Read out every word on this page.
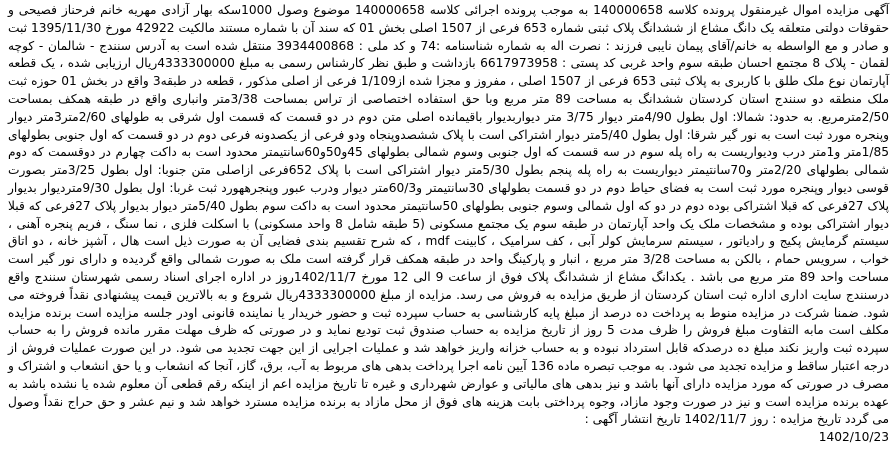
آگهی مزایده اموال غیرمنقول پرونده کلاسه 140000658 به موجب پرونده اجرائی کلاسه 140000658 موضوع وصول 1000سکه بهار آزادی مهریه خانم فرحناز فصیحی و حقوقات دولتی متعلقه یک دانگ مشاع از ششدانگ پلاک ثبتی شماره 653 فرعی از 1507 اصلی بخش 01 که سند آن با شماره مستند مالکیت 42922 مورخ 1395/11/30 ثبت و صادر و مع الواسطه به خانم/آقای پیمان نایبی فرزند : نصرت اله به شماره شناسنامه :74 و کد ملی : 3934400868 منتقل شده است به آدرس سنندج - شالمان - کوچه لقمان - پلاک 8 مجتمع احسان طبقه سوم واحد غربی کد پستی : 6617973958 بازداشت و طبق نظر کارشناس رسمی به مبلغ 4333300000ریال ارزیابی شده ، یک قطعه آپارتمان نوع ملک طلق با کاربری به پلاک ثبتی 653 فرعی از 1507 اصلی ، مفروز و مجزا شده از1/109 فرعی از اصلی مذکور ، قطعه در طبقه3 واقع در بخش 01 حوزه ثبت ملک منطقه دو سنندج استان کردستان ششدانگ به مساحت 89 متر مربع وبا حق استفاده اختصاصی از تراس بمساحت 3/38متر وانباری واقع در طبقه همکف بمساحت 2/50مترمربع. به حدود: شمالا: اول بطول 4/90متر دیوار 3/75 متر دیواربدیوار باقیمانده اصلی متن دوم در دو قسمت که قسمت اول شرقی به طولهای 2/60متر3متر دیوار وپنجره مورد ثبت است به نور گیر شرقا: اول بطول 5/40متر دیوار اشتراکی است با پلاک ششصدوپنجاه ودو فرعی از یکصدونه فرعی دوم در دو قسمت که اول جنوبی بطولهای 1/85متر و1متر درب ودیواریست به راه پله سوم در سه قسمت که اول جنوبی وسوم شمالی بطولهای 45و50و60سانتیمتر محدود است به داکت چهارم در دوقسمت که دوم شمالی بطولهای 2/20متر و70سانتیمتر دیواریست به راه پله پنجم بطول 5/30متر دیوار اشتراکی است با پلاک 652فرعی ازاصلی متن جنوبا: اول بطول 3/25متر بصورت قوسی دیوار وپنجره مورد ثبت است به فضای حیاط دوم در دو قسمت بطولهای 30سانتیمتر و60/3متر دیوار ودرب عبور وپنجرههورد ثبت غربا: اول بطول 9/30متردیوار بدیوار پلاک 27فرعی که قبلا اشتراکی بوده دوم در دو که اول شمالی وسوم جنوبی بطولهای 50سانتیمتر محدود است به داکت سوم بطول 5/40متر دیوار بدیوار پلاک 27فرعی که قبلا دیوار اشتراکی بوده و مشخصات ملک یک واحد آپارتمان در طبقه سوم یک مجتمع مسکونی (5 طبقه شامل 8 واحد مسکونی) با اسکلت فلزی ، نما سنگ ، فریم پنجره آهنی ، سیستم گرمایش پکیج و رادیاتور ، سیستم سرمایش کولر آبی ، کف سرامیک ، کابینت mdf ، که شرح تقسیم بندی فضایی آن به صورت ذیل است هال ، آشپز خانه ، دو اتاق خواب ، سرویس حمام ، بالکن به مساحت 3/28 متر مربع ، انبار و پارکینگ واحد در طبقه همکف قرار گرفته است ملک به صورت شمالی واقع گردیده و دارای نور گیر است مساحت واحد 89 متر مربع می باشد . یکدانگ مشاع از ششدانگ پلاک فوق از ساعت 9 الی 12 مورخ 1402/11/7روز در اداره اجرای اسناد رسمی شهرستان سنندج واقع درسنندج سایت اداری اداره ثبت استان کردستان از طریق مزایده به فروش می رسد. مزایده از مبلغ 4333300000ریال شروع و به بالاترین قیمت پیشنهادی نقداً فروخته می شود. ضمنا شرکت در مزایده منوط به پرداخت ده درصد از مبلغ پایه کارشناسی به حساب سپرده ثبت و حضور خریدار یا نماینده قانونی اودر جلسه مزایده است برنده مزایده مکلف است مابه التفاوت مبلغ فروش را ظرف مدت 5 روز از تاریخ مزایده به حساب صندوق ثبت تودیع نماید و در صورتی که ظرف مهلت مقرر مانده فروش را به حساب سپرده ثبت واریز نکند مبلغ ده درصدکه قابل استرداد نبوده و به حساب خزانه واریز خواهد شد و عملیات اجرایی از این جهت تجدید می شود. در این صورت عملیات فروش از درجه اعتبار ساقط و مزایده تجدید می شود. به موجب تبصره ماده 136 آیین نامه اجرا پرداخت بدهی های مربوط به آب، برق، گاز، آنجا که انشعاب و یا حق انشعاب و اشتراک و مصرف در صورتی که مورد مزایده دارای آنها باشد و نیز بدهی های مالیاتی و عوارض شهرداری و غیره تا تاریخ مزایده اعم از اینکه رقم قطعی آن معلوم شده یا نشده باشد به عهده برنده مزایده است و نیز در صورت وجود مازاد، وجوه پرداختی بابت هزینه های فوق از محل مازاد به برنده مزایده مسترد خواهد شد و نیم عشر و حق حراج نقداً وصول می گردد تاریخ مزایده : روز 1402/11/7 تاریخ انتشار آگهی :

1402/10/23
